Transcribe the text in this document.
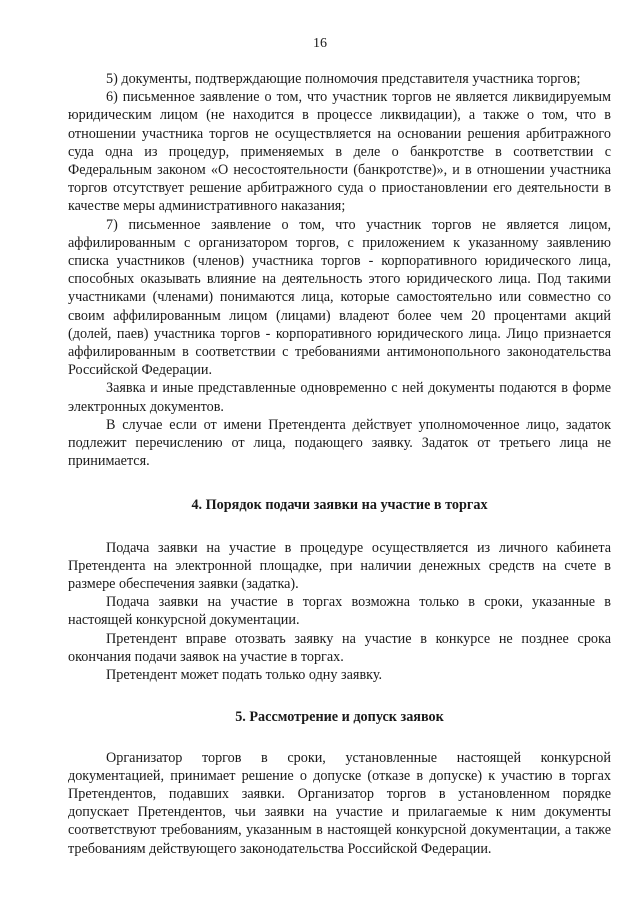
16

5) документы, подтверждающие полномочия представителя участника торгов;

6) письменное заявление о том, что участник торгов не является ликвидируемым юридическим лицом (не находится в процессе ликвидации), а также о том, что в отношении участника торгов не осуществляется на основании решения арбитражного суда одна из процедур, применяемых в деле о банкротстве в соответствии с Федеральным законом «О несостоятельности (банкротстве)», и в отношении участника торгов отсутствует решение арбитражного суда о приостановлении его деятельности в качестве меры административного наказания;

7) письменное заявление о том, что участник торгов не является лицом, аффилированным с организатором торгов, с приложением к указанному заявлению списка участников (членов) участника торгов - корпоративного юридического лица, способных оказывать влияние на деятельность этого юридического лица. Под такими участниками (членами) понимаются лица, которые самостоятельно или совместно со своим аффилированным лицом (лицами) владеют более чем 20 процентами акций (долей, паев) участника торгов - корпоративного юридического лица. Лицо признается аффилированным в соответствии с требованиями антимонопольного законодательства Российской Федерации.

Заявка и иные представленные одновременно с ней документы подаются в форме электронных документов.

В случае если от имени Претендента действует уполномоченное лицо, задаток подлежит перечислению от лица, подающего заявку. Задаток от третьего лица не принимается.

4. Порядок подачи заявки на участие в торгах

Подача заявки на участие в процедуре осуществляется из личного кабинета Претендента на электронной площадке, при наличии денежных средств на счете в размере обеспечения заявки (задатка).

Подача заявки на участие в торгах возможна только в сроки, указанные в настоящей конкурсной документации.

Претендент вправе отозвать заявку на участие в конкурсе не позднее срока окончания подачи заявок на участие в торгах.

Претендент может подать только одну заявку.

5. Рассмотрение и допуск заявок

Организатор торгов в сроки, установленные настоящей конкурсной документацией, принимает решение о допуске (отказе в допуске) к участию в торгах Претендентов, подавших заявки. Организатор торгов в установленном порядке допускает Претендентов, чьи заявки на участие и прилагаемые к ним документы соответствуют требованиям, указанным в настоящей конкурсной документации, а также требованиям действующего законодательства Российской Федерации.
